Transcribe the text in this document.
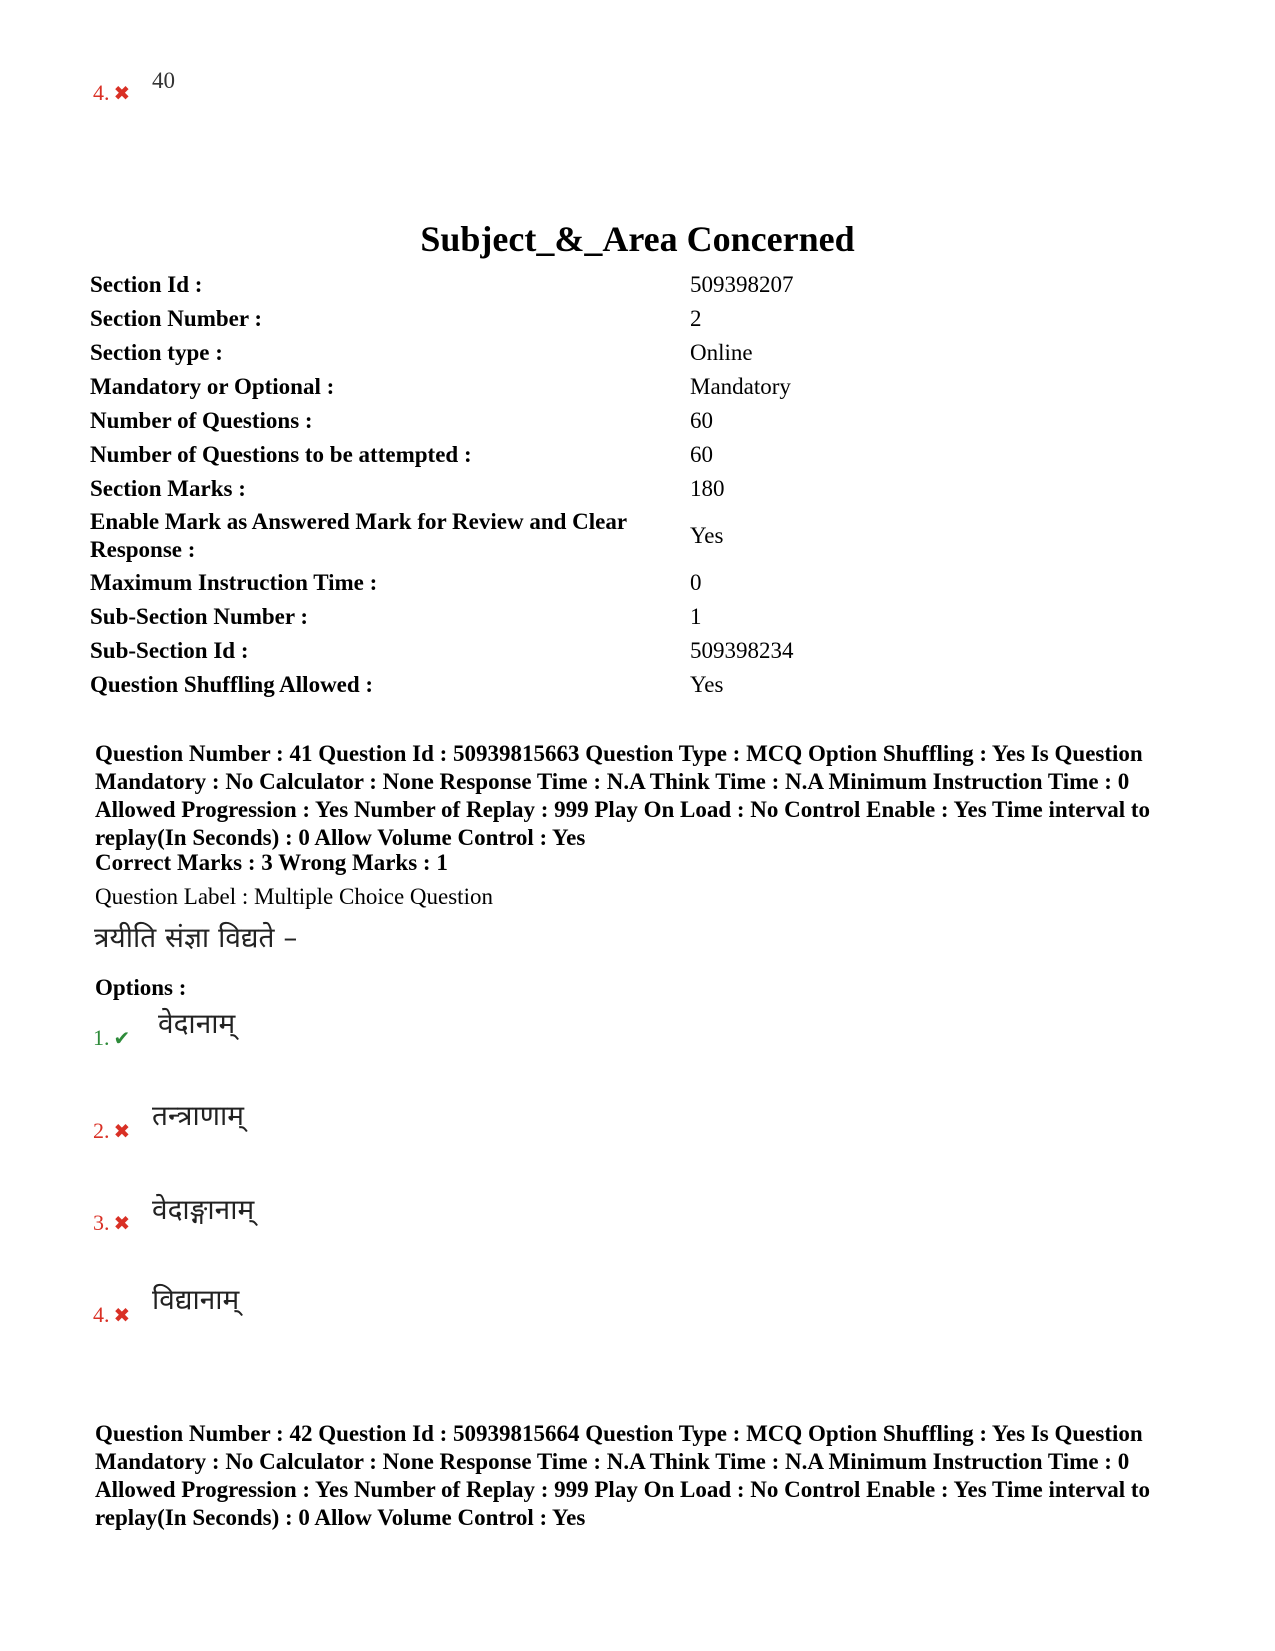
4. ✖ 40
Subject_&_Area Concerned
Section Id :	509398207
Section Number :	2
Section type :	Online
Mandatory or Optional :	Mandatory
Number of Questions :	60
Number of Questions to be attempted :	60
Section Marks :	180
Enable Mark as Answered Mark for Review and Clear Response :
Yes
Maximum Instruction Time :	0
Sub-Section Number :	1
Sub-Section Id :	509398234
Question Shuffling Allowed :	Yes
Question Number : 41 Question Id : 50939815663 Question Type : MCQ Option Shuffling : Yes Is Question Mandatory : No Calculator : None Response Time : N.A Think Time : N.A Minimum Instruction Time : 0 Allowed Progression : Yes Number of Replay : 999 Play On Load : No Control Enable : Yes Time interval to replay(In Seconds) : 0 Allow Volume Control : Yes
Correct Marks : 3 Wrong Marks : 1
Question Label : Multiple Choice Question
त्रयीति संज्ञा विद्यते –
Options :
1. ✔ वेदानाम्
2. ✖ तन्त्राणाम्
3. ✖ वेदाङ्गानाम्
4. ✖ विद्यानाम्
Question Number : 42 Question Id : 50939815664 Question Type : MCQ Option Shuffling : Yes Is Question Mandatory : No Calculator : None Response Time : N.A Think Time : N.A Minimum Instruction Time : 0 Allowed Progression : Yes Number of Replay : 999 Play On Load : No Control Enable : Yes Time interval to replay(In Seconds) : 0 Allow Volume Control : Yes
